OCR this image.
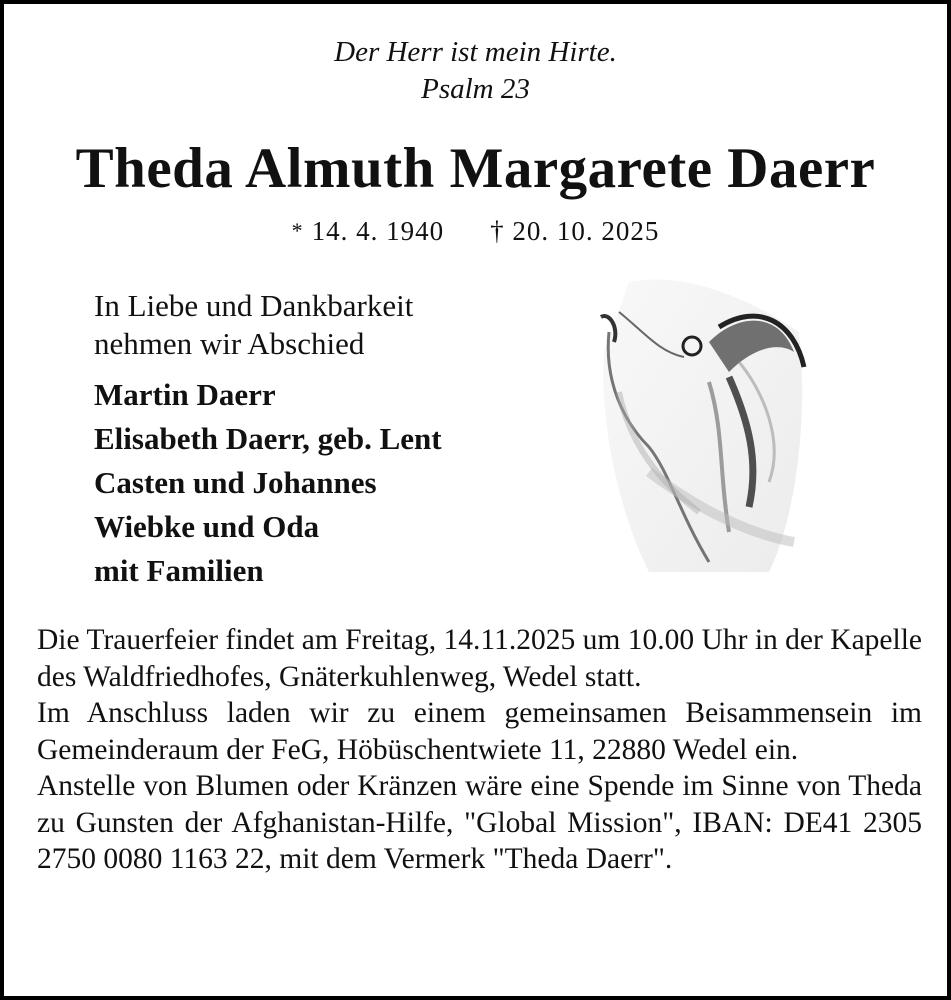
Der Herr ist mein Hirte.
Psalm 23
Theda Almuth Margarete Daerr
* 14. 4. 1940 † 20. 10. 2025
In Liebe und Dankbarkeit
nehmen wir Abschied
Martin Daerr
Elisabeth Daerr, geb. Lent
Casten und Johannes
Wiebke und Oda
mit Familien

Die Trauerfeier findet am Freitag, 14.11.2025 um 10.00 Uhr in der Kapelle des Waldfriedhofes, Gnäterkuhlenweg, Wedel statt.

Im Anschluss laden wir zu einem gemeinsamen Beisammensein im Gemeinderaum der FeG, Höbüschentwiete 11, 22880 Wedel ein.

Anstelle von Blumen oder Kränzen wäre eine Spende im Sinne von Theda zu Gunsten der Afghanistan-Hilfe, "Global Mission", IBAN: DE41 2305 2750 0080 1163 22, mit dem Vermerk "Theda Daerr".
